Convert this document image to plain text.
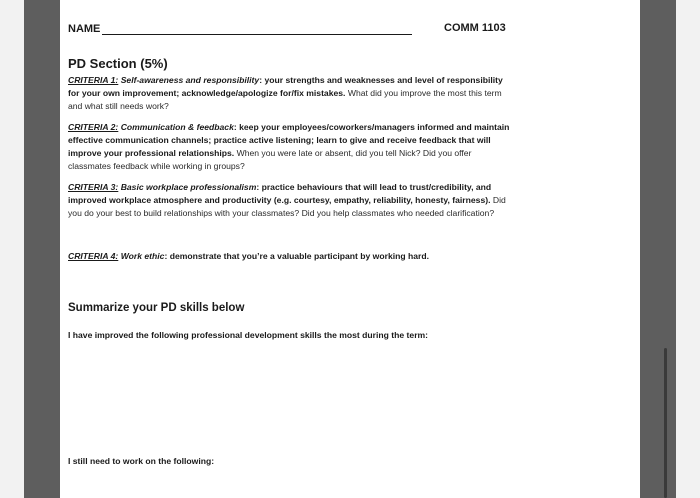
NAME	COMM 1103
PD Section (5%)
CRITERIA 1: Self-awareness and responsibility: your strengths and weaknesses and level of responsibility for your own improvement; acknowledge/apologize for/fix mistakes. What did you improve the most this term and what still needs work?
CRITERIA 2: Communication & feedback: keep your employees/coworkers/managers informed and maintain effective communication channels; practice active listening; learn to give and receive feedback that will improve your professional relationships. When you were late or absent, did you tell Nick? Did you offer classmates feedback while working in groups?
CRITERIA 3: Basic workplace professionalism: practice behaviours that will lead to trust/credibility, and improved workplace atmosphere and productivity (e.g. courtesy, empathy, reliability, honesty, fairness). Did you do your best to build relationships with your classmates? Did you help classmates who needed clarification?
CRITERIA 4: Work ethic: demonstrate that you’re a valuable participant by working hard.
Summarize your PD skills below
I have improved the following professional development skills the most during the term:
I still need to work on the following:
